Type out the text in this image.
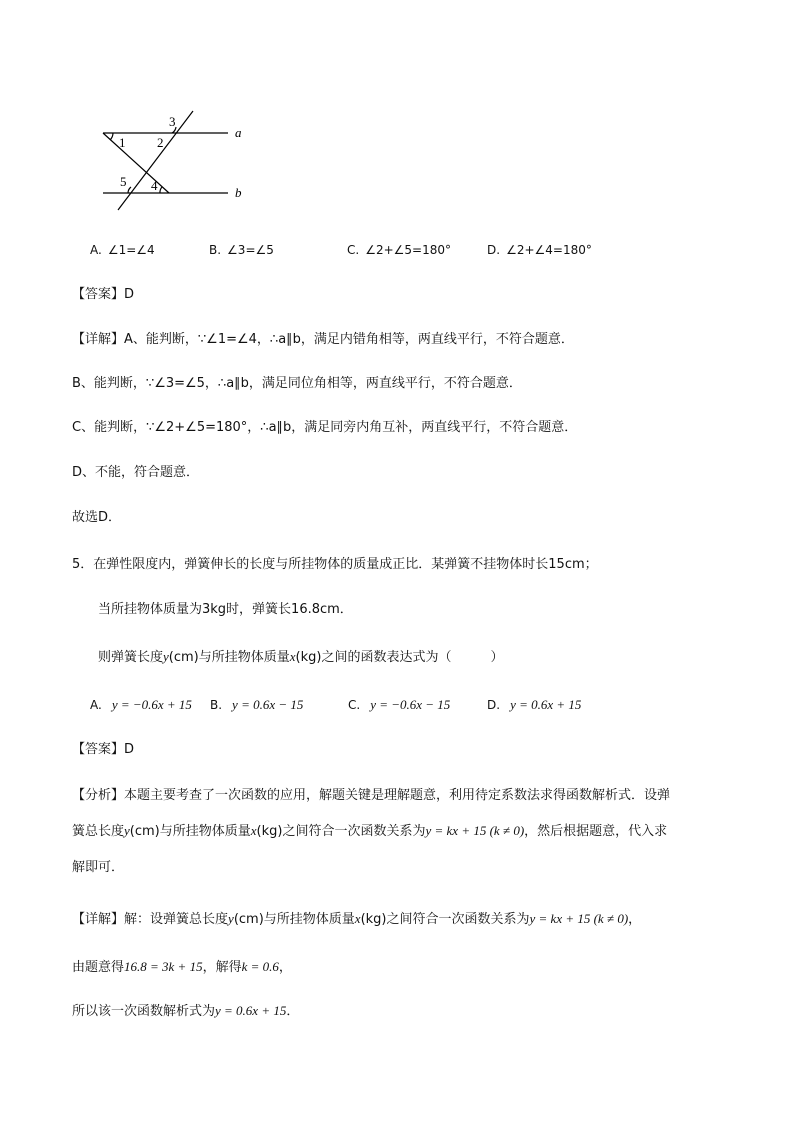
a
b
1 2
3
4
5
A. ∠1=∠4	B. ∠3=∠5	C. ∠2+∠5=180°	D. ∠2+∠4=180°
【答案】D
【详解】A、能判断，∵∠1=∠4，∴a∥b，满足内错角相等，两直线平行，不符合题意．
B、能判断，∵∠3=∠5，∴a∥b，满足同位角相等，两直线平行，不符合题意．
C、能判断，∵∠2+∠5=180°，∴a∥b，满足同旁内角互补，两直线平行，不符合题意．
D、不能，符合题意．
故选D．
5．在弹性限度内，弹簧伸长的长度与所挂物体的质量成正比．某弹簧不挂物体时长15cm；
当所挂物体质量为3kg时，弹簧长16.8cm．
则弹簧长度y(cm)与所挂物体质量x(kg)之间的函数表达式为（　　　）
A. y = −0.6x + 15 B. y = 0.6x − 15	C. y = −0.6x − 15	D. y = 0.6x + 15
【答案】D
【分析】本题主要考查了一次函数的应用，解题关键是理解题意，利用待定系数法求得函数解析式．设弹
簧总长度y(cm)与所挂物体质量x(kg)之间符合一次函数关系为y = kx + 15 (k ≠ 0)，然后根据题意，代入求
解即可．
【详解】解：设弹簧总长度y(cm)与所挂物体质量x(kg)之间符合一次函数关系为y = kx + 15 (k ≠ 0)，
由题意得16.8 = 3k + 15，解得k = 0.6，
所以该一次函数解析式为y = 0.6x + 15．
